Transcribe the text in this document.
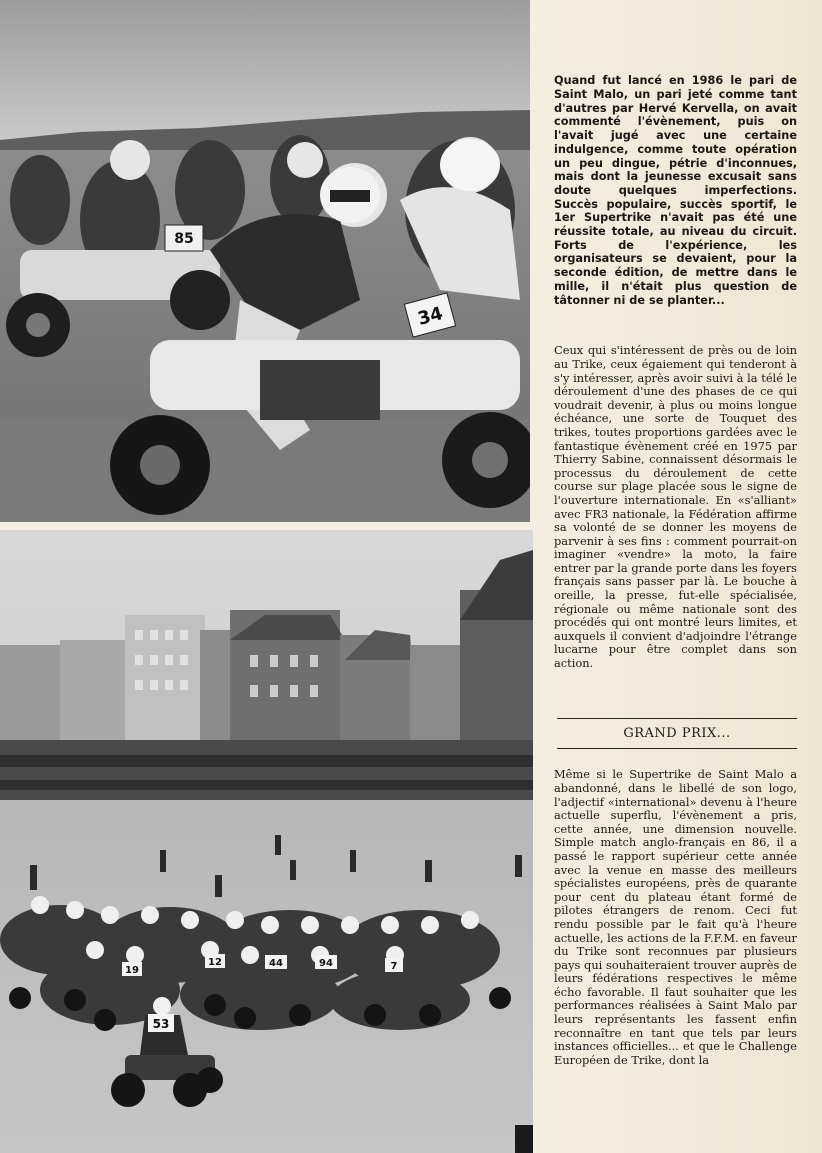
85
34
44
19
94	7
12
53

Quand fut lancé en 1986 le pari de Saint Malo, un pari jeté comme tant d'autres par Hervé Kervella, on avait commenté l'évènement, puis on l'avait jugé avec une certaine indulgence, comme toute opération un peu dingue, pétrie d'inconnues, mais dont la jeunesse excusait sans doute quelques imperfections. Succès populaire, succès sportif, le 1er Supertrike n'avait pas été une réussite totale, au niveau du circuit. Forts de l'expérience, les organisateurs se devaient, pour la seconde édition, de mettre dans le mille, il n'était plus question de tâtonner ni de se planter...

Ceux qui s'intéressent de près ou de loin au Trike, ceux égaiement qui tenderont à s'y intéresser, après avoir suivi à la télé le déroulement d'une des phases de ce qui voudrait devenir, à plus ou moins longue échéance, une sorte de Touquet des trikes, toutes proportions gardées avec le fantastique évènement créé en 1975 par Thierry Sabine, connaissent désormais le processus du déroulement de cette course sur plage placée sous le signe de l'ouverture internationale. En «s'alliant» avec FR3 nationale, la Fédération affirme sa volonté de se donner les moyens de parvenir à ses fins : comment pourrait-on imaginer «vendre» la moto, la faire entrer par la grande porte dans les foyers français sans passer par là. Le bouche à oreille, la presse, fut-elle spécialisée, régionale ou même nationale sont des procédés qui ont montré leurs limites, et auxquels il convient d'adjoindre l'étrange lucarne pour être complet dans son action.

GRAND PRIX...

Même si le Supertrike de Saint Malo a abandonné, dans le libellé de son logo, l'adjectif «international» devenu à l'heure actuelle superflu, l'évènement a pris, cette année, une dimension nouvelle. Simple match anglo-français en 86, il a passé le rapport supérieur cette année avec la venue en masse des meilleurs spécialistes européens, près de quarante pour cent du plateau étant formé de pilotes étrangers de renom. Ceci fut rendu possible par le fait qu'à l'heure actuelle, les actions de la F.F.M. en faveur du Trike sont reconnues par plusieurs pays qui souhaiteraient trouver auprès de leurs fédérations respectives le même écho favorable. Il faut souhaiter que les performances réalisées à Saint Malo par leurs représentants les fassent enfin reconnaître en tant que tels par leurs instances officielles... et que le Challenge Européen de Trike, dont la
